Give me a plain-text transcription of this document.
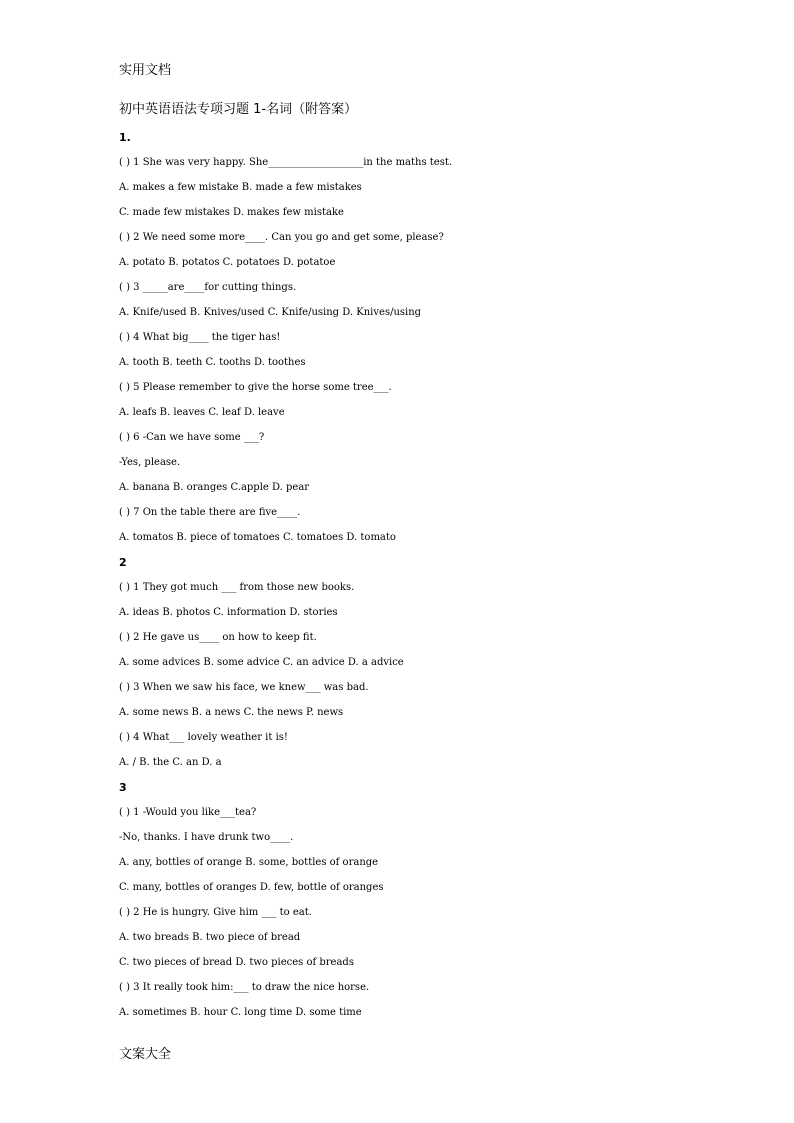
实用文档
初中英语语法专项习题 1-名词（附答案）
1.
( ) 1 She was very happy. She___________________in the maths test.
A. makes a few mistake B. made a few mistakes
C. made few mistakes D. makes few mistake
( ) 2 We need some more____. Can you go and get some, please?
A. potato B. potatos C. potatoes D. potatoe
( ) 3 _____are____for cutting things.
A. Knife/used B. Knives/used C. Knife/using D. Knives/using
( ) 4 What big____ the tiger has!
A. tooth B. teeth C. tooths D. toothes
( ) 5 Please remember to give the horse some tree___.
A. leafs B. leaves C. leaf D. leave
( ) 6 -Can we have some ___?
-Yes, please.
A. banana B. oranges C.apple D. pear
( ) 7 On the table there are five____.
A. tomatos B. piece of tomatoes C. tomatoes D. tomato
2
( ) 1 They got much ___ from those new books.
A. ideas B. photos C. information D. stories
( ) 2 He gave us____ on how to keep fit.
A. some advices B. some advice C. an advice D. a advice
( ) 3 When we saw his face, we knew___ was bad.
A. some news B. a news C. the news P. news
( ) 4 What___ lovely weather it is!
A. / B. the C. an D. a
3
( ) 1 -Would you like___tea?
-No, thanks. I have drunk two____.
A. any, bottles of orange B. some, bottles of orange
C. many, bottles of oranges D. few, bottle of oranges
( ) 2 He is hungry. Give him ___ to eat.
A. two breads B. two piece of bread
C. two pieces of bread D. two pieces of breads
( ) 3 It really took him:___ to draw the nice horse.
A. sometimes B. hour C. long time D. some time
文案大全
